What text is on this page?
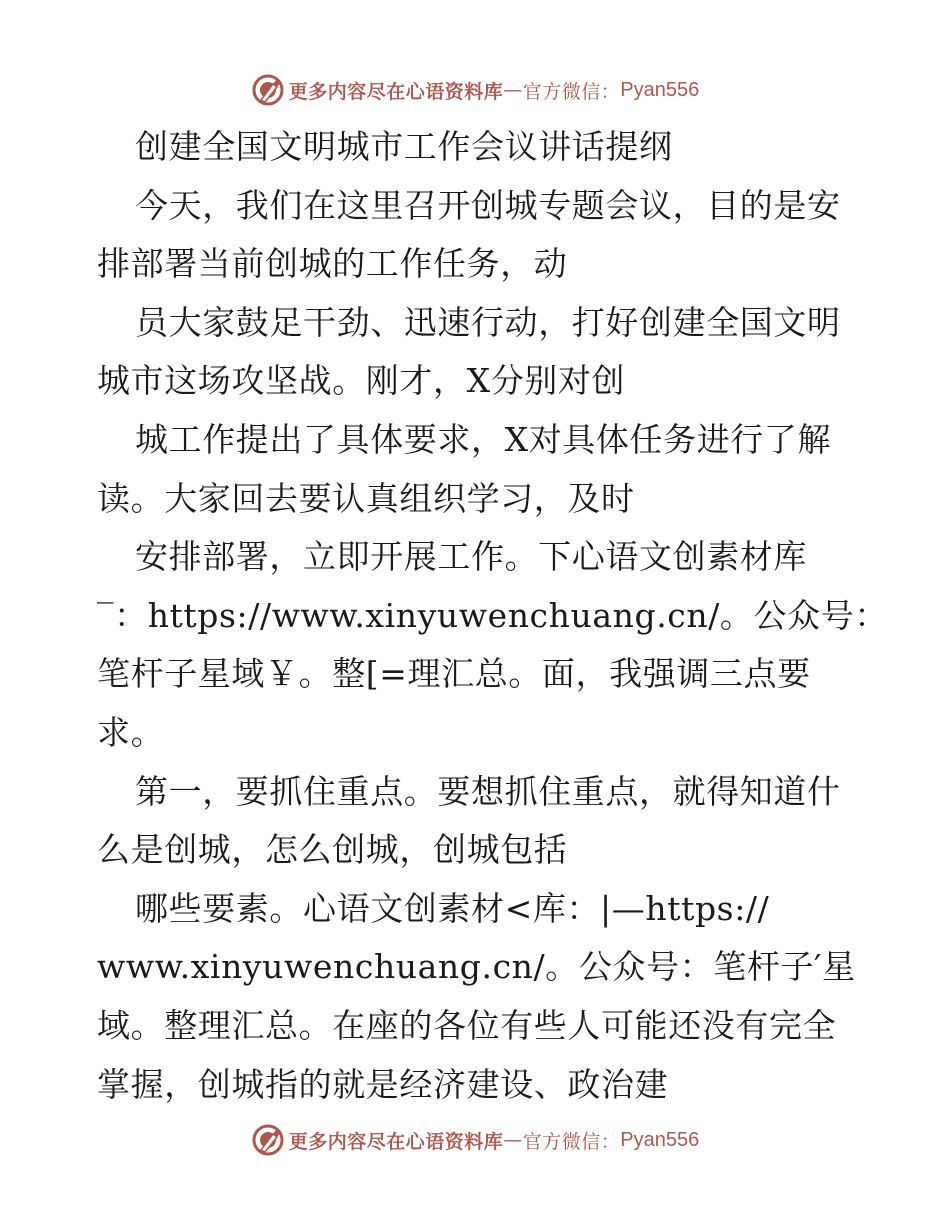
更多内容尽在心语资料库 — 官方微信： Pyan556
创建全国文明城市工作会议讲话提纲
今天，我们在这里召开创城专题会议，目的是安
排部署当前创城的工作任务，动
员大家鼓足干劲、迅速行动，打好创建全国文明
城市这场攻坚战。刚才，X分别对创
城工作提出了具体要求，X对具体任务进行了解
读。大家回去要认真组织学习，及时
安排部署，立即开展工作。下心语文创素材库
‾：https://www.xinyuwenchuang.cn/。公众号：
笔杆子星域￥。整[=理汇总。面，我强调三点要
求。
第一，要抓住重点。要想抓住重点，就得知道什
么是创城，怎么创城，创城包括
哪些要素。心语文创素材<库：|—https://
www.xinyuwenchuang.cn/。公众号：笔杆子′星
域。整理汇总。在座的各位有些人可能还没有完全
掌握，创城指的就是经济建设、政治建
更多内容尽在心语资料库 — 官方微信： Pyan556
